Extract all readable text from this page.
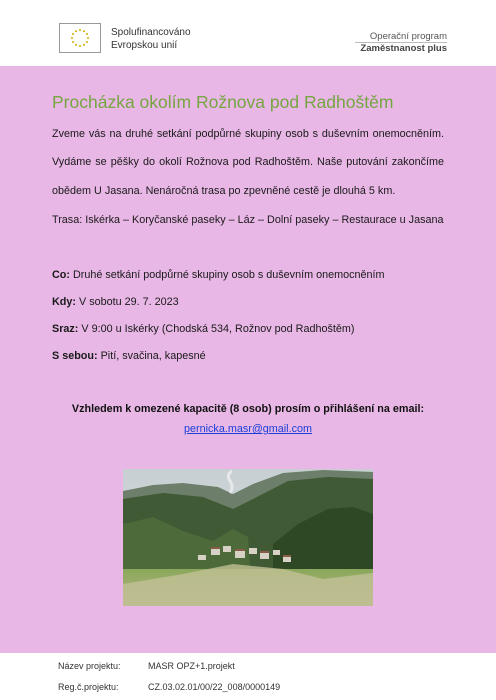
Spolufinancováno
Evropskou unií
Operační program
Zaměstnanost plus
Procházka okolím Rožnova pod Radhoštěm
Zveme vás na druhé setkání podpůrné skupiny osob s duševním onemocněním.
Vydáme se pěšky do okolí Rožnova pod Radhoštěm. Naše putování zakončíme
obědem U Jasana. Nenáročná trasa po zpevněné cestě je dlouhá 5 km.
Trasa: Iskérka – Koryčanské paseky – Láz – Dolní paseky – Restaurace u Jasana
Co: Druhé setkání podpůrné skupiny osob s duševním onemocněním
Kdy: V sobotu 29. 7. 2023
Sraz: V 9:00 u Iskérky (Chodská 534, Rožnov pod Radhoštěm)
S sebou: Pití, svačina, kapesné
Vzhledem k omezené kapacitě (8 osob) prosím o přihlášení na email:
pernicka.masr@gmail.com
Název projektu:	MASR OPZ+1.projekt
Reg.č.projektu:	CZ.03.02.01/00/22_008/0000149
